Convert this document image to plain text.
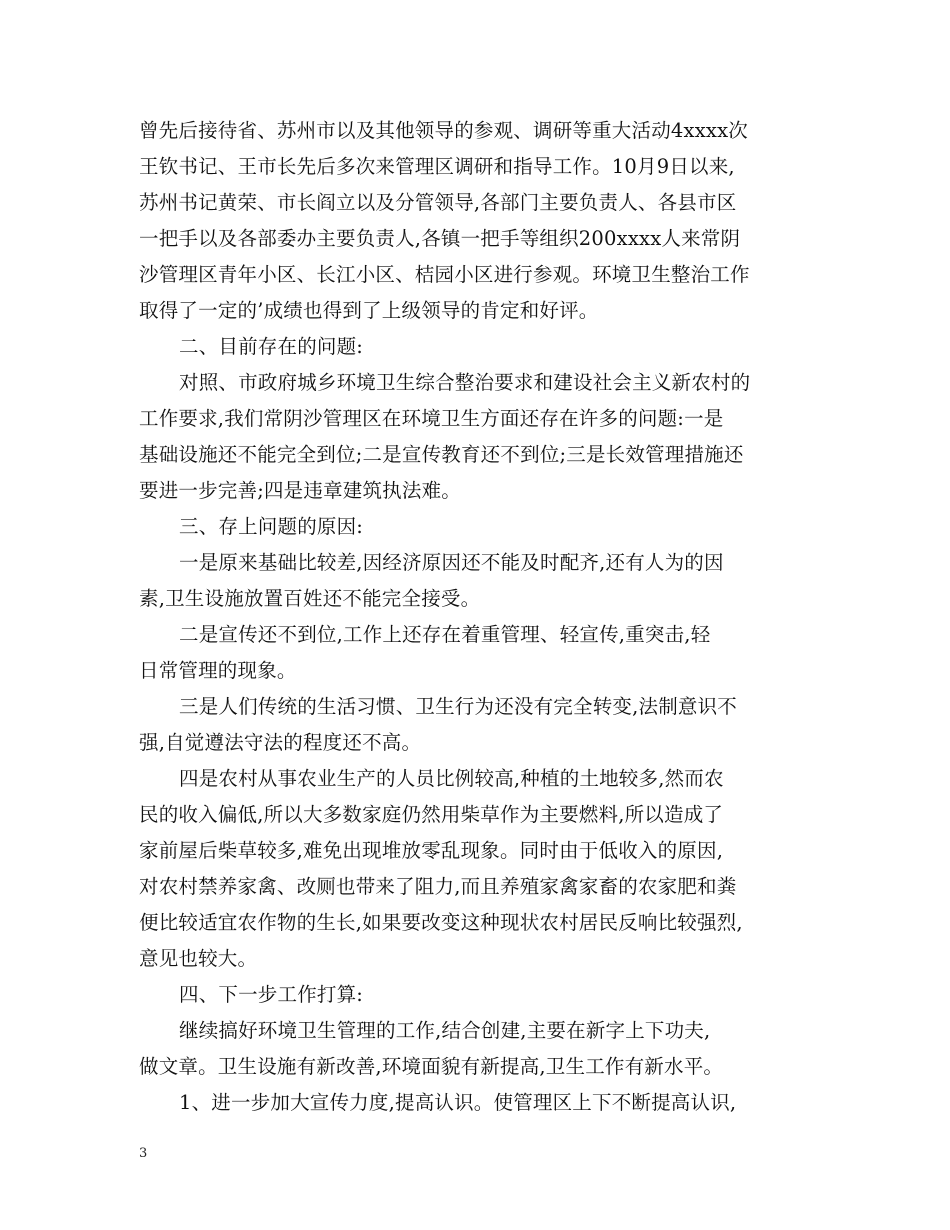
曾先后接待省、苏州市以及其他领导的参观、调研等重大活动4xxxx次
王钦书记、王市长先后多次来管理区调研和指导工作。10月9日以来,
苏州书记黄荣、市长阎立以及分管领导,各部门主要负责人、各县市区
一把手以及各部委办主要负责人,各镇一把手等组织200xxxx人来常阴
沙管理区青年小区、长江小区、桔园小区进行参观。环境卫生整治工作
取得了一定的’成绩也得到了上级领导的肯定和好评。
二、目前存在的问题:
对照、市政府城乡环境卫生综合整治要求和建设社会主义新农村的
工作要求,我们常阴沙管理区在环境卫生方面还存在许多的问题:一是
基础设施还不能完全到位;二是宣传教育还不到位;三是长效管理措施还
要进一步完善;四是违章建筑执法难。
三、存上问题的原因:
一是原来基础比较差,因经济原因还不能及时配齐,还有人为的因
素,卫生设施放置百姓还不能完全接受。
二是宣传还不到位,工作上还存在着重管理、轻宣传,重突击,轻
日常管理的现象。
三是人们传统的生活习惯、卫生行为还没有完全转变,法制意识不
强,自觉遵法守法的程度还不高。
四是农村从事农业生产的人员比例较高,种植的土地较多,然而农
民的收入偏低,所以大多数家庭仍然用柴草作为主要燃料,所以造成了
家前屋后柴草较多,难免出现堆放零乱现象。同时由于低收入的原因,
对农村禁养家禽、改厕也带来了阻力,而且养殖家禽家畜的农家肥和粪
便比较适宜农作物的生长,如果要改变这种现状农村居民反响比较强烈,
意见也较大。
四、下一步工作打算:
继续搞好环境卫生管理的工作,结合创建,主要在新字上下功夫,
做文章。卫生设施有新改善,环境面貌有新提高,卫生工作有新水平。
1、进一步加大宣传力度,提高认识。使管理区上下不断提高认识,
3
